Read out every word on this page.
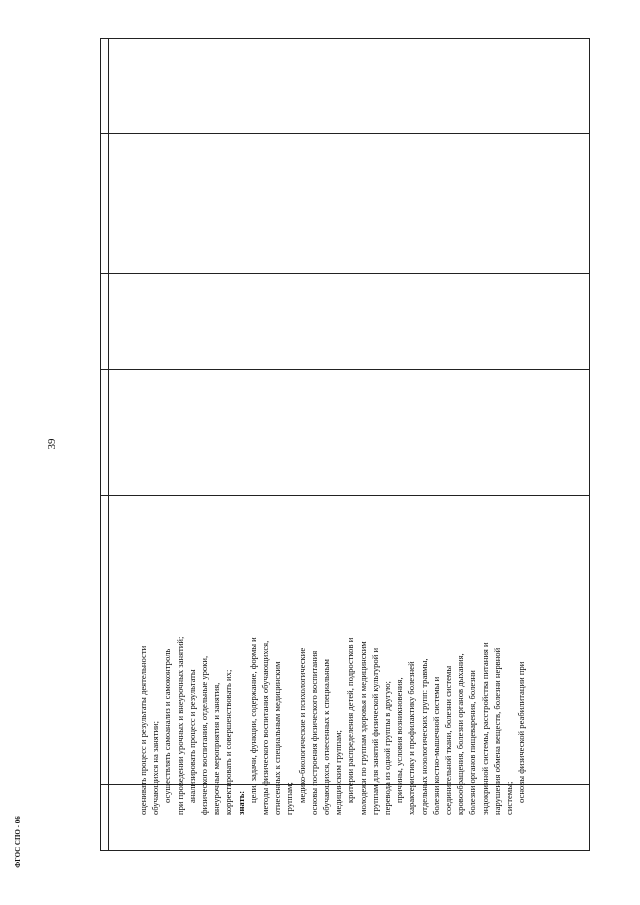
39
ФГОС СПО - 06
оценивать процесс и результаты деятельности обучающихся на занятии; осуществлять самоанализ и самоконтроль при проведении урочных и внеурочных занятий; анализировать процесс и результаты физического воспитания, отдельные уроки, внеурочные мероприятия и занятия, корректировать и совершенствовать их; знать: цели, задачи, функции, содержание, формы и методы физического воспитания обучающихся, отнесенных к специальным медицинским группам; медико-биологические и психологические основы построения физического воспитания обучающихся, отнесенных к специальным медицинским группам; критерии распределения детей, подростков и молодежи по группам здоровья и медицинским группам для занятий физической культурой и перевода из одной группы в другую; причины, условия возникновения, характеристику и профилактику болезней отдельных нозологических групп: травмы, болезни костно-мышечной системы и соединительной ткани, болезни системы кровообращения, болезни органов дыхания, болезни органов пищеварения, болезни эндокринной системы, расстройства питания и нарушения обмена веществ, болезни нервной системы; основы физической реабилитации при
